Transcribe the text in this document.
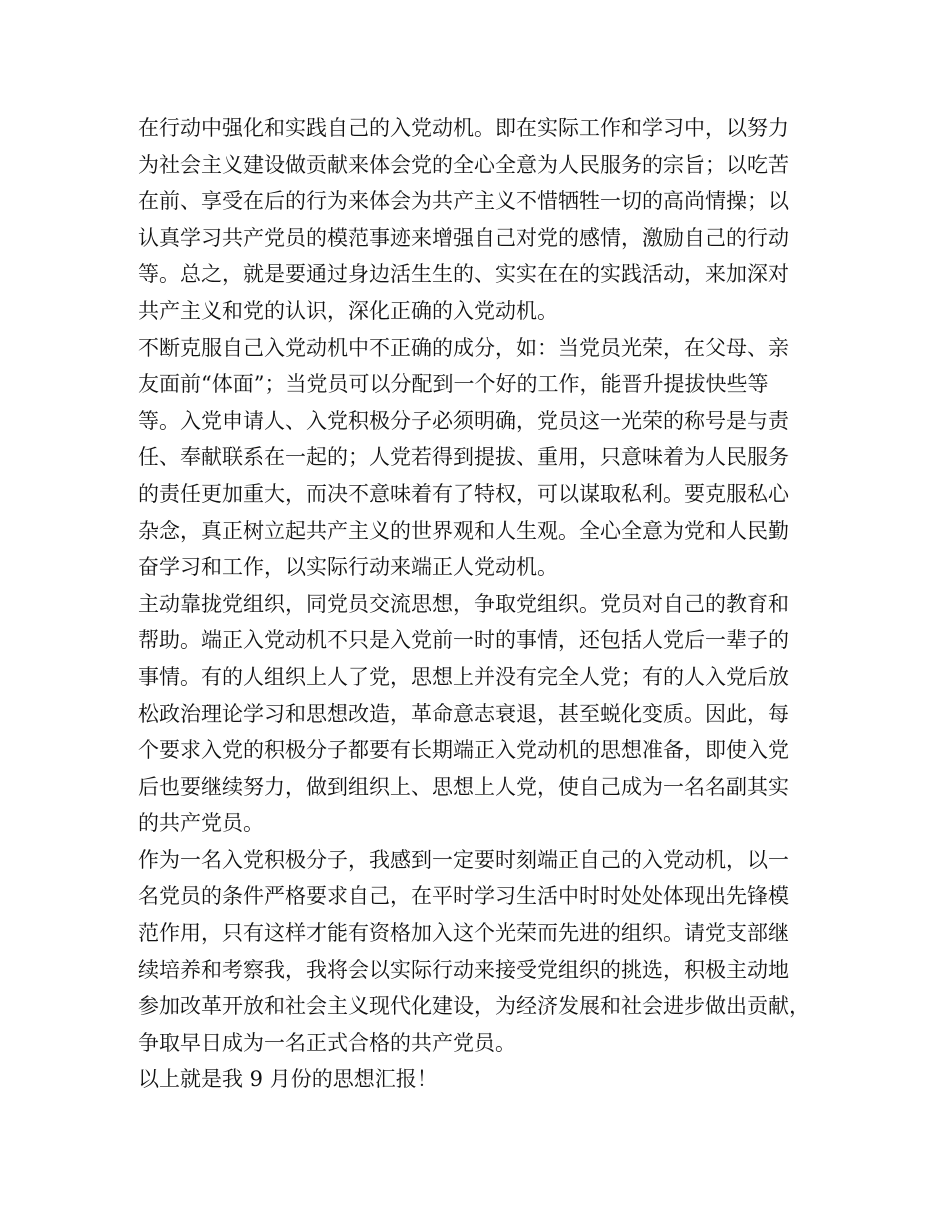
在行动中强化和实践自己的入党动机。即在实际工作和学习中，以努力
为社会主义建设做贡献来体会党的全心全意为人民服务的宗旨；以吃苦
在前、享受在后的行为来体会为共产主义不惜牺牲一切的高尚情操；以
认真学习共产党员的模范事迹来增强自己对党的感情，激励自己的行动
等。总之，就是要通过身边活生生的、实实在在的实践活动，来加深对
共产主义和党的认识，深化正确的入党动机。
不断克服自己入党动机中不正确的成分，如：当党员光荣，在父母、亲
友面前“体面”；当党员可以分配到一个好的工作，能晋升提拔快些等
等。入党申请人、入党积极分子必须明确，党员这一光荣的称号是与责
任、奉献联系在一起的；人党若得到提拔、重用，只意味着为人民服务
的责任更加重大，而决不意味着有了特权，可以谋取私利。要克服私心
杂念，真正树立起共产主义的世界观和人生观。全心全意为党和人民勤
奋学习和工作，以实际行动来端正人党动机。
主动靠拢党组织，同党员交流思想，争取党组织。党员对自己的教育和
帮助。端正入党动机不只是入党前一时的事情，还包括人党后一辈子的
事情。有的人组织上人了党，思想上并没有完全人党；有的人入党后放
松政治理论学习和思想改造，革命意志衰退，甚至蜕化变质。因此，每
个要求入党的积极分子都要有长期端正入党动机的思想准备，即使入党
后也要继续努力，做到组织上、思想上人党，使自己成为一名名副其实
的共产党员。
作为一名入党积极分子，我感到一定要时刻端正自己的入党动机，以一
名党员的条件严格要求自己，在平时学习生活中时时处处体现出先锋模
范作用，只有这样才能有资格加入这个光荣而先进的组织。请党支部继
续培养和考察我，我将会以实际行动来接受党组织的挑选，积极主动地
参加改革开放和社会主义现代化建设，为经济发展和社会进步做出贡献，
争取早日成为一名正式合格的共产党员。
以上就是我 9 月份的思想汇报！
